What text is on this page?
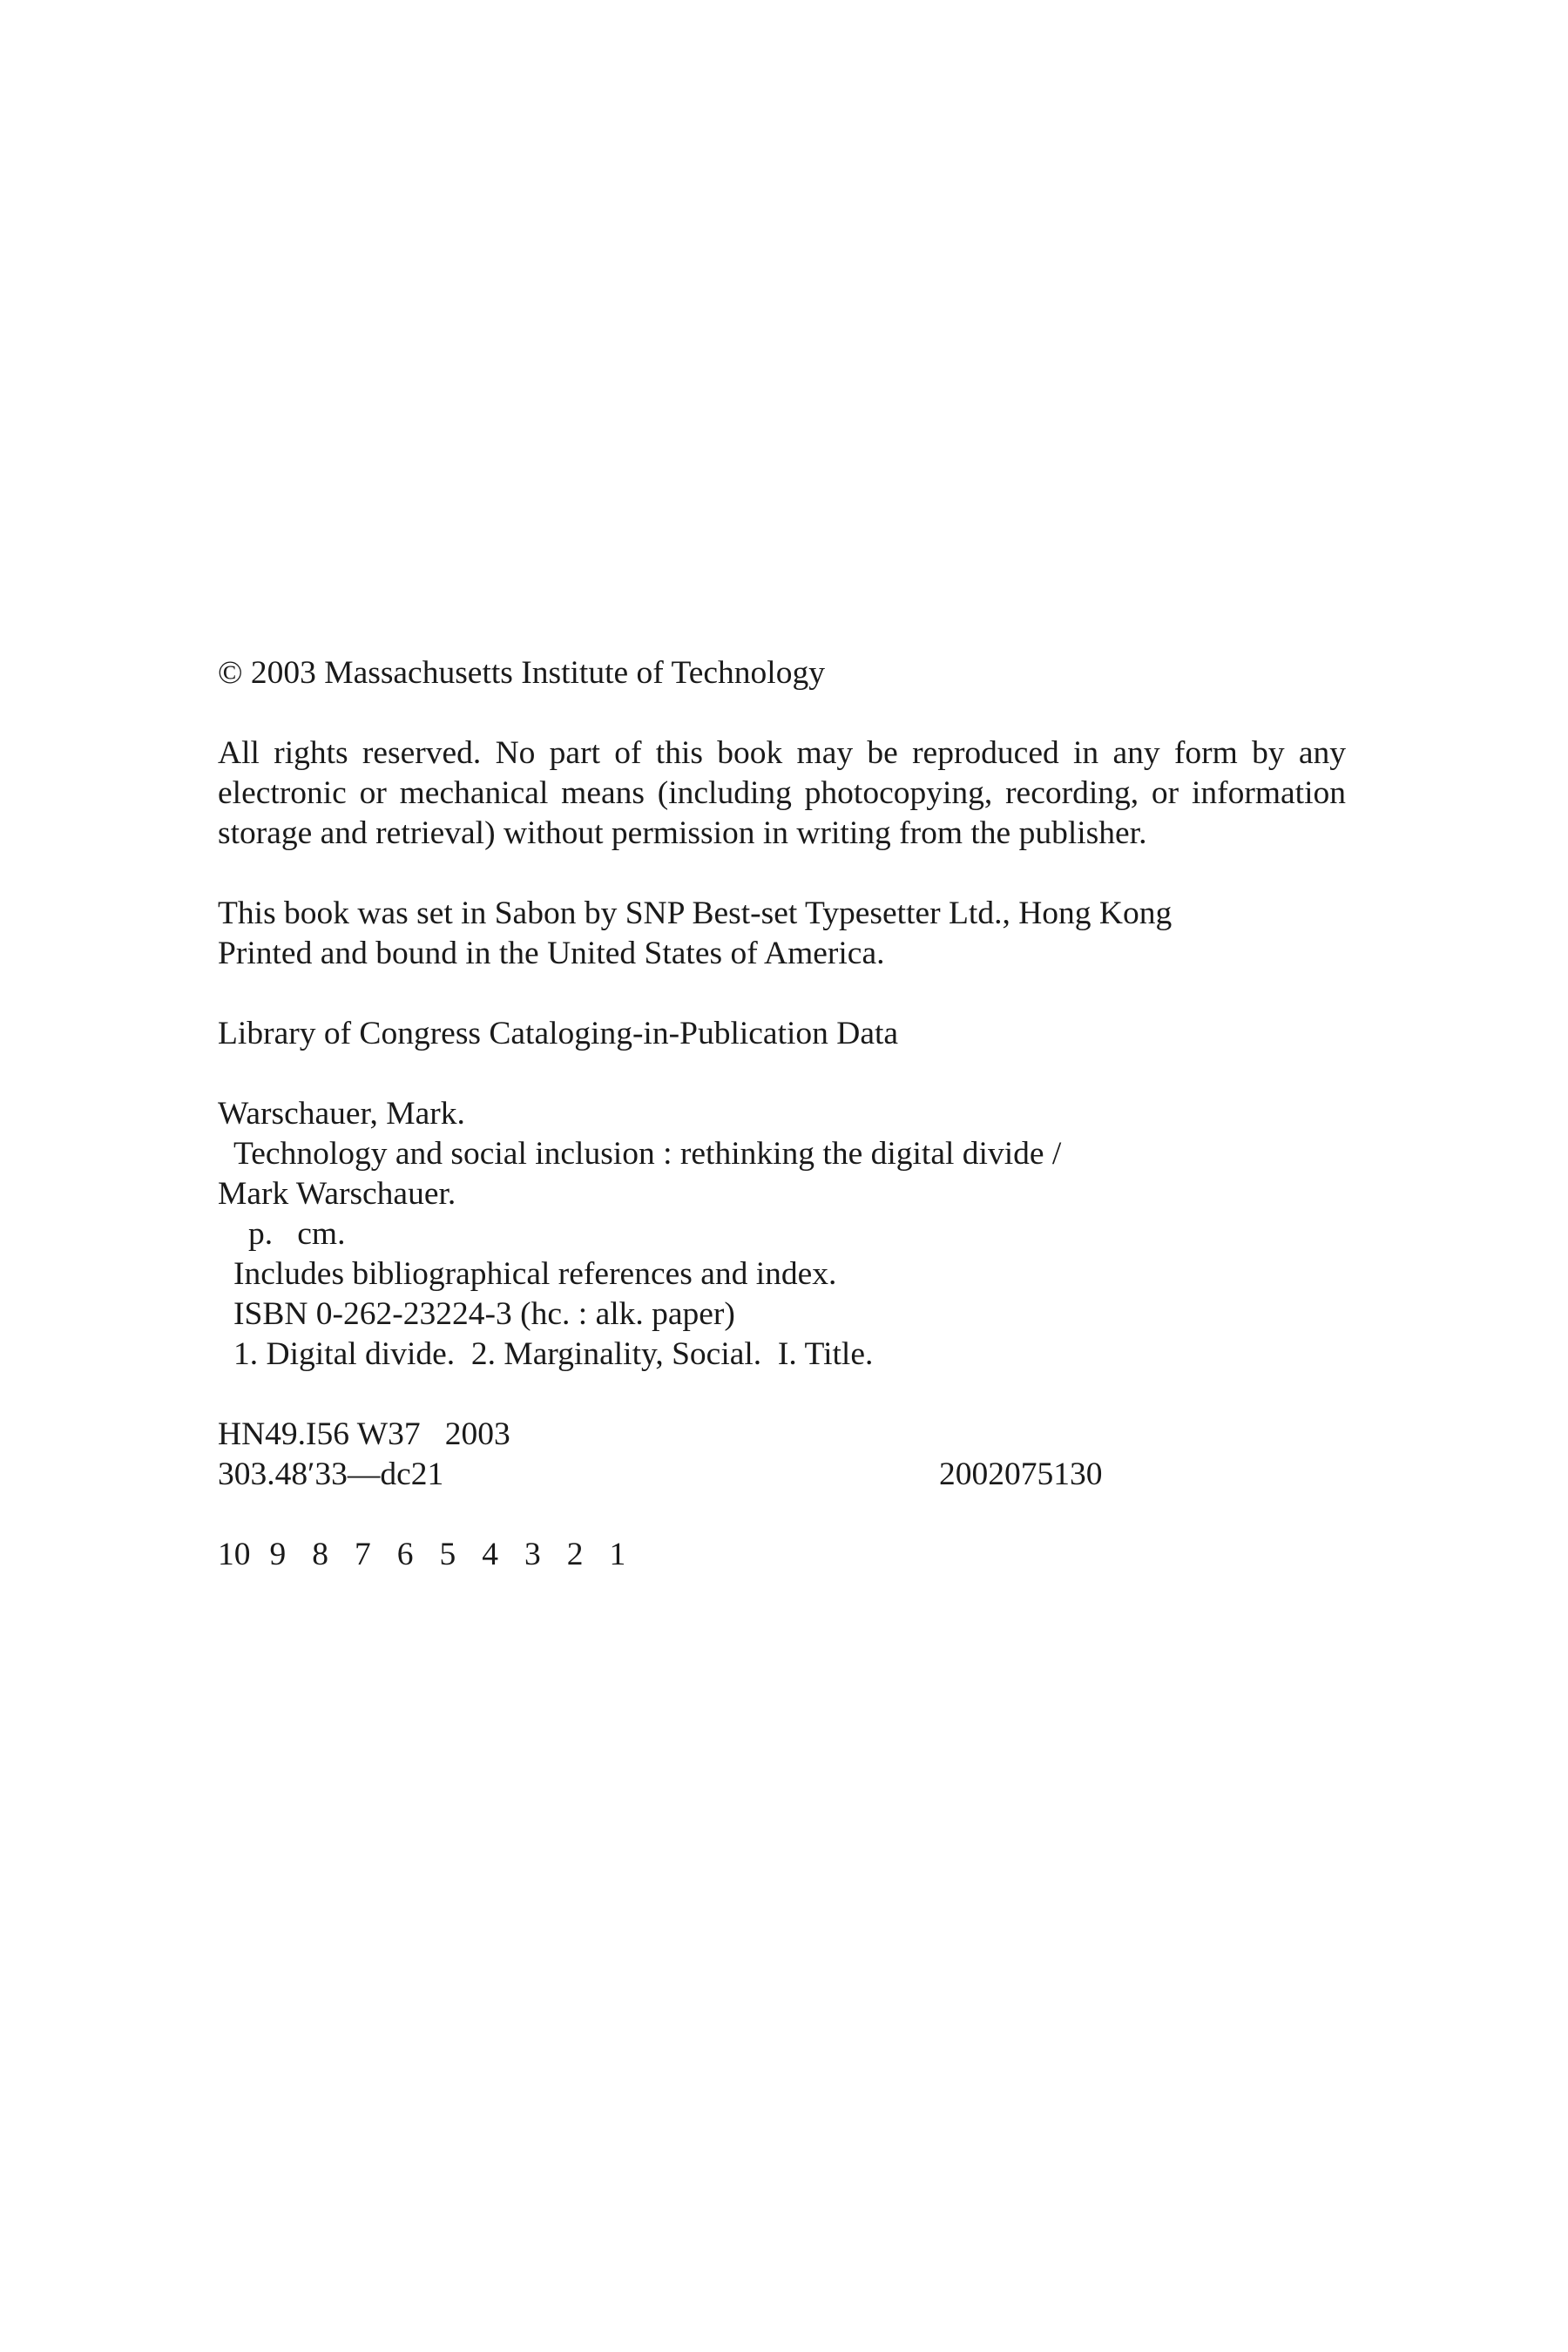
© 2003 Massachusetts Institute of Technology

All rights reserved. No part of this book may be reproduced in any form by any electronic or mechanical means (including photocopying, recording, or information storage and retrieval) without permission in writing from the publisher.

This book was set in Sabon by SNP Best-set Typesetter Ltd., Hong Kong

Printed and bound in the United States of America.

Library of Congress Cataloging-in-Publication Data

Warschauer, Mark.

Technology and social inclusion : rethinking the digital divide /

Mark Warschauer.

p.   cm.

Includes bibliographical references and index.

ISBN 0-262-23224-3 (hc. : alk. paper)

1. Digital divide.  2. Marginality, Social.  I. Title.

HN49.I56 W37   2003
303.48′33—dc21	2002075130
10 9 8 7 6 5 4 3 2 1
